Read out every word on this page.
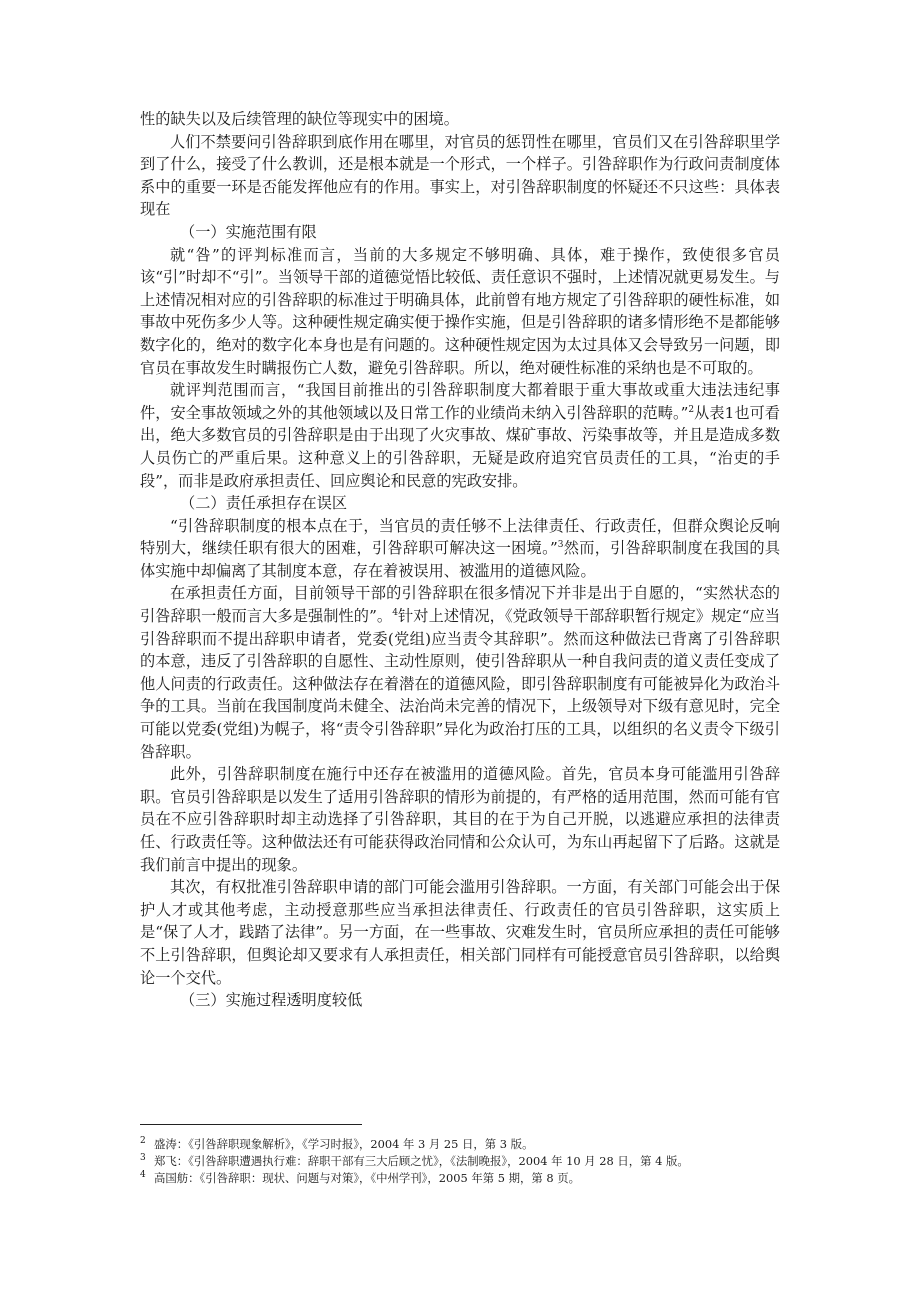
性的缺失以及后续管理的缺位等现实中的困境。

人们不禁要问引咎辞职到底作用在哪里，对官员的惩罚性在哪里，官员们又在引咎辞职里学到了什么，接受了什么教训，还是根本就是一个形式，一个样子。引咎辞职作为行政问责制度体系中的重要一环是否能发挥他应有的作用。事实上，对引咎辞职制度的怀疑还不只这些：具体表现在

（一）实施范围有限

就“咎”的评判标准而言，当前的大多规定不够明确、具体，难于操作，致使很多官员该“引”时却不“引”。当领导干部的道德觉悟比较低、责任意识不强时，上述情况就更易发生。与上述情况相对应的引咎辞职的标准过于明确具体，此前曾有地方规定了引咎辞职的硬性标准，如事故中死伤多少人等。这种硬性规定确实便于操作实施，但是引咎辞职的诸多情形绝不是都能够数字化的，绝对的数字化本身也是有问题的。这种硬性规定因为太过具体又会导致另一问题，即官员在事故发生时瞒报伤亡人数，避免引咎辞职。所以，绝对硬性标准的采纳也是不可取的。

就评判范围而言，“我国目前推出的引咎辞职制度大都着眼于重大事故或重大违法违纪事件，安全事故领域之外的其他领域以及日常工作的业绩尚未纳入引咎辞职的范畴。”$^2$从表1也可看出，绝大多数官员的引咎辞职是由于出现了火灾事故、煤矿事故、污染事故等，并且是造成多数人员伤亡的严重后果。这种意义上的引咎辞职，无疑是政府追究官员责任的工具，“治吏的手段”，而非是政府承担责任、回应舆论和民意的宪政安排。

（二）责任承担存在误区

“引咎辞职制度的根本点在于，当官员的责任够不上法律责任、行政责任，但群众舆论反响特别大，继续任职有很大的困难，引咎辞职可解决这一困境。”$^3$然而，引咎辞职制度在我国的具体实施中却偏离了其制度本意，存在着被误用、被滥用的道德风险。

在承担责任方面，目前领导干部的引咎辞职在很多情况下并非是出于自愿的，“实然状态的引咎辞职一般而言大多是强制性的”。$^4$针对上述情况，《党政领导干部辞职暂行规定》规定“应当引咎辞职而不提出辞职申请者，党委(党组)应当责令其辞职”。然而这种做法已背离了引咎辞职的本意，违反了引咎辞职的自愿性、主动性原则，使引咎辞职从一种自我问责的道义责任变成了他人问责的行政责任。这种做法存在着潜在的道德风险，即引咎辞职制度有可能被异化为政治斗争的工具。当前在我国制度尚未健全、法治尚未完善的情况下，上级领导对下级有意见时，完全可能以党委(党组)为幌子，将“责令引咎辞职”异化为政治打压的工具，以组织的名义责令下级引咎辞职。

此外，引咎辞职制度在施行中还存在被滥用的道德风险。首先，官员本身可能滥用引咎辞职。官员引咎辞职是以发生了适用引咎辞职的情形为前提的，有严格的适用范围，然而可能有官员在不应引咎辞职时却主动选择了引咎辞职，其目的在于为自己开脱，以逃避应承担的法律责任、行政责任等。这种做法还有可能获得政治同情和公众认可，为东山再起留下了后路。这就是我们前言中提出的现象。

其次，有权批准引咎辞职申请的部门可能会滥用引咎辞职。一方面，有关部门可能会出于保护人才或其他考虑，主动授意那些应当承担法律责任、行政责任的官员引咎辞职，这实质上是“保了人才，践踏了法律”。另一方面，在一些事故、灾难发生时，官员所应承担的责任可能够不上引咎辞职，但舆论却又要求有人承担责任，相关部门同样有可能授意官员引咎辞职，以给舆论一个交代。

（三）实施过程透明度较低

2 盛涛：《引咎辞职现象解析》，《学习时报》，2004 年 3 月 25 日，第 3 版。

3 郑飞：《引咎辞职遭遇执行难：辞职干部有三大后顾之忧》，《法制晚报》，2004 年 10 月 28 日，第 4 版。

4 高国舫：《引咎辞职：现状、问题与对策》，《中州学刊》，2005 年第 5 期，第 8 页。
